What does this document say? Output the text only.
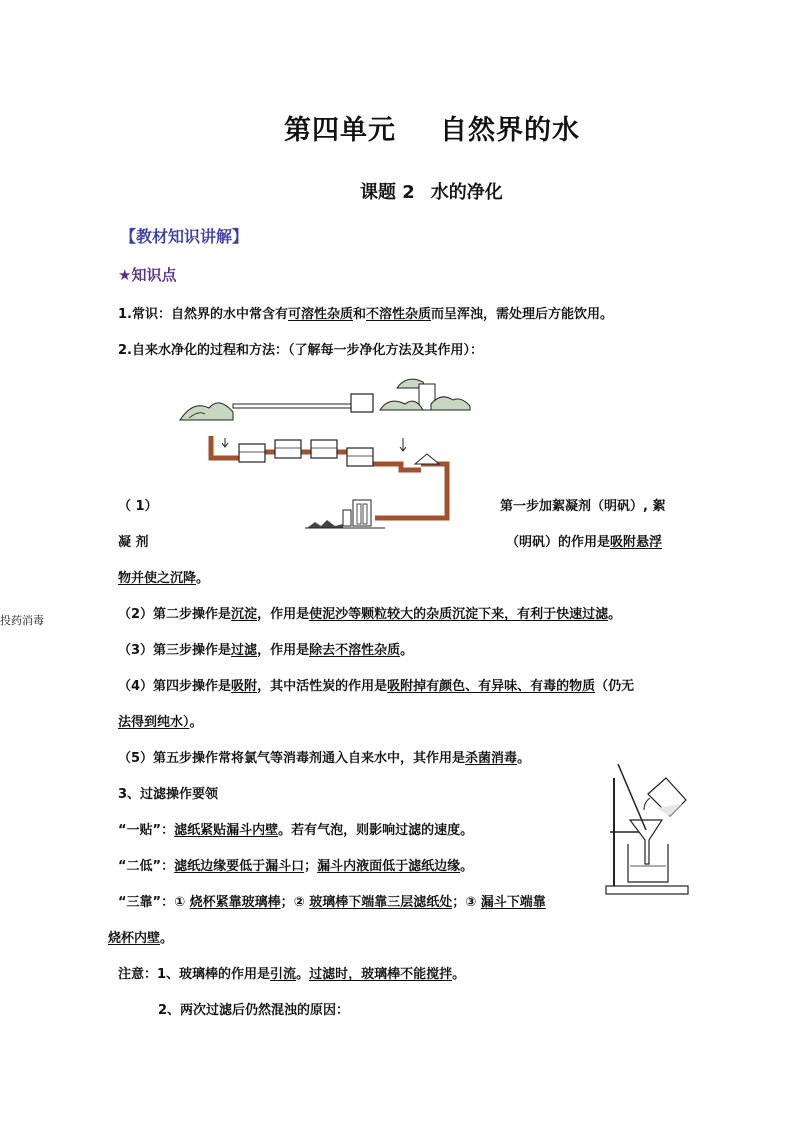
第四单元 自然界的水
课题 2 水的净化
【教材知识讲解】
★知识点
1.常识：自然界的水中常含有可溶性杂质和不溶性杂质而呈浑浊，需处理后方能饮用。
2.自来水净化的过程和方法：（了解每一步净化方法及其作用）：
（ 1）	第一步加絮凝剂（明矾）, 絮
凝 剂	（明矾）的作用是吸附悬浮
物并使之沉降。
投药消毒	（2）第二步操作是沉淀，作用是使泥沙等颗粒较大的杂质沉淀下来，有利于快速过滤。
（3）第三步操作是过滤，作用是除去不溶性杂质。
（4）第四步操作是吸附，其中活性炭的作用是吸附掉有颜色、有异味、有毒的物质（仍无
法得到纯水）。
（5）第五步操作常将氯气等消毒剂通入自来水中，其作用是杀菌消毒。
3、过滤操作要领
“一贴”：滤纸紧贴漏斗内壁。若有气泡，则影响过滤的速度。
“二低”：滤纸边缘要低于漏斗口；漏斗内液面低于滤纸边缘。
“三靠”：① 烧杯紧靠玻璃棒；② 玻璃棒下端靠三层滤纸处；③ 漏斗下端靠
烧杯内壁。
注意：1、玻璃棒的作用是引流。过滤时，玻璃棒不能搅拌。
2、两次过滤后仍然混浊的原因：
